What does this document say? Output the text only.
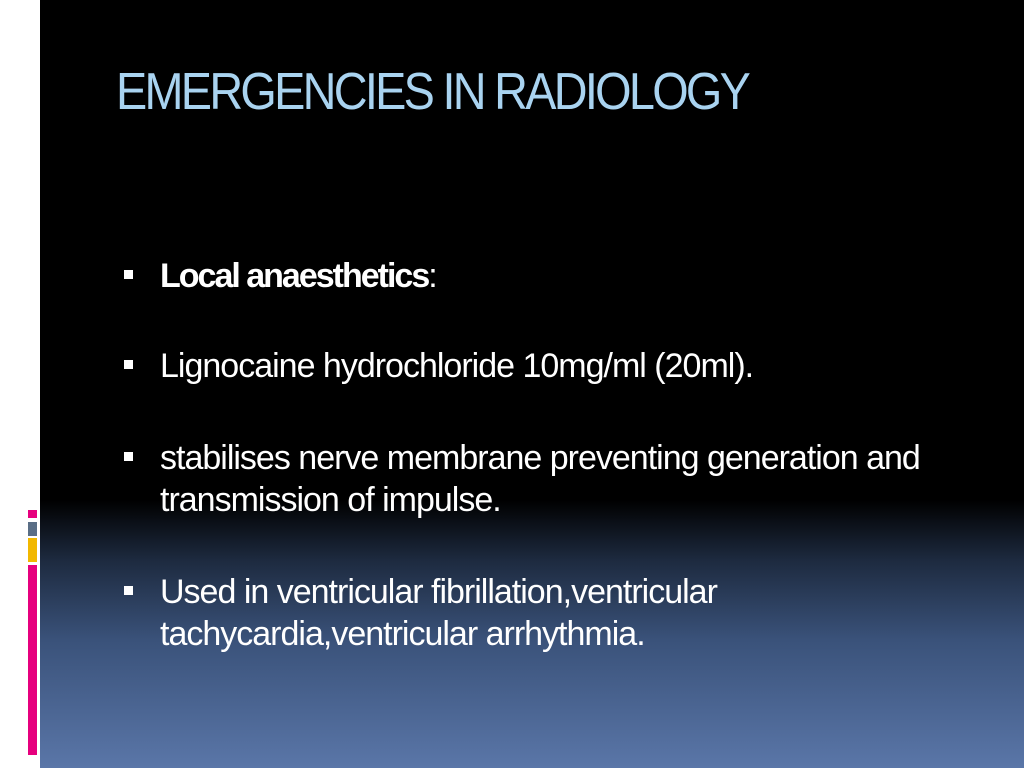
EMERGENCIES IN RADIOLOGY
Local anaesthetics:
Lignocaine hydrochloride 10mg/ml (20ml).
stabilises nerve membrane preventing generation and transmission of impulse.
Used in ventricular fibrillation,ventricular tachycardia,ventricular arrhythmia.
